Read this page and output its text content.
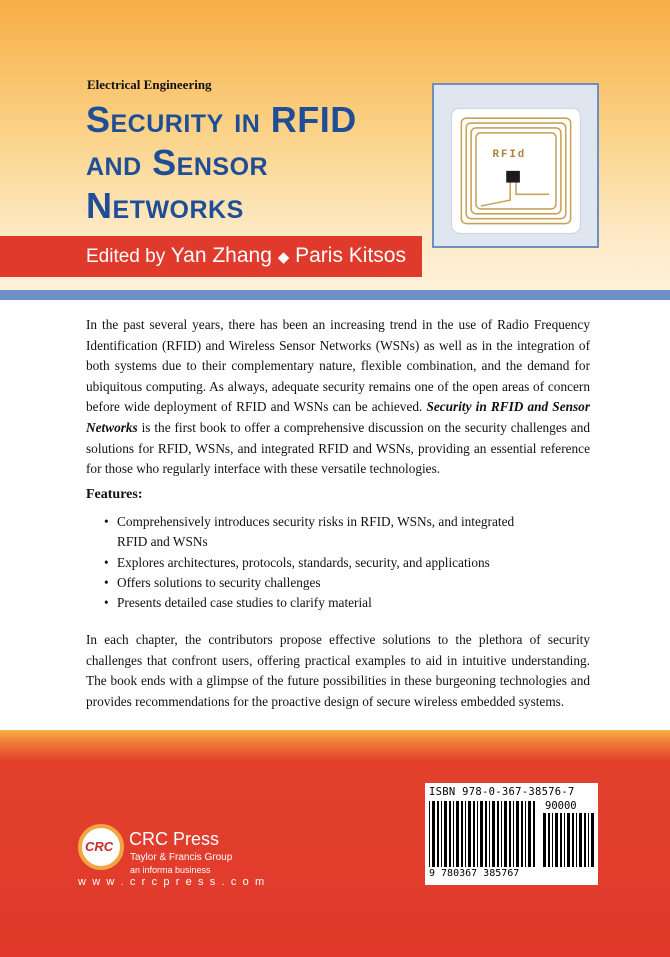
Electrical Engineering
Security in RFID
and Sensor
Networks
Edited by Yan Zhang ◆ Paris Kitsos
RFId
In the past several years, there has been an increasing trend in the use of Radio Frequency Identification (RFID) and Wireless Sensor Networks (WSNs) as well as in the integration of both systems due to their complementary nature, flexible combination, and the demand for ubiquitous computing. As always, adequate security remains one of the open areas of concern before wide deployment of RFID and WSNs can be achieved. Security in RFID and Sensor Networks is the first book to offer a comprehensive discussion on the security challenges and solutions for RFID, WSNs, and integrated RFID and WSNs, providing an essential reference for those who regularly interface with these versatile technologies.
Features:
• Comprehensively introduces security risks in RFID, WSNs, and integrated RFID and WSNs
• Explores architectures, protocols, standards, security, and applications
• Offers solutions to security challenges
• Presents detailed case studies to clarify material
In each chapter, the contributors propose effective solutions to the plethora of security challenges that confront users, offering practical examples to aid in intuitive understanding. The book ends with a glimpse of the future possibilities in these burgeoning technologies and provides recommendations for the proactive design of secure wireless embedded systems.
CRC CRC Press
Taylor & Francis Group
an informa business
w w w . c r c p r e s s . c o m
ISBN 978-0-367-38576-7
90000
9 780367 385767
